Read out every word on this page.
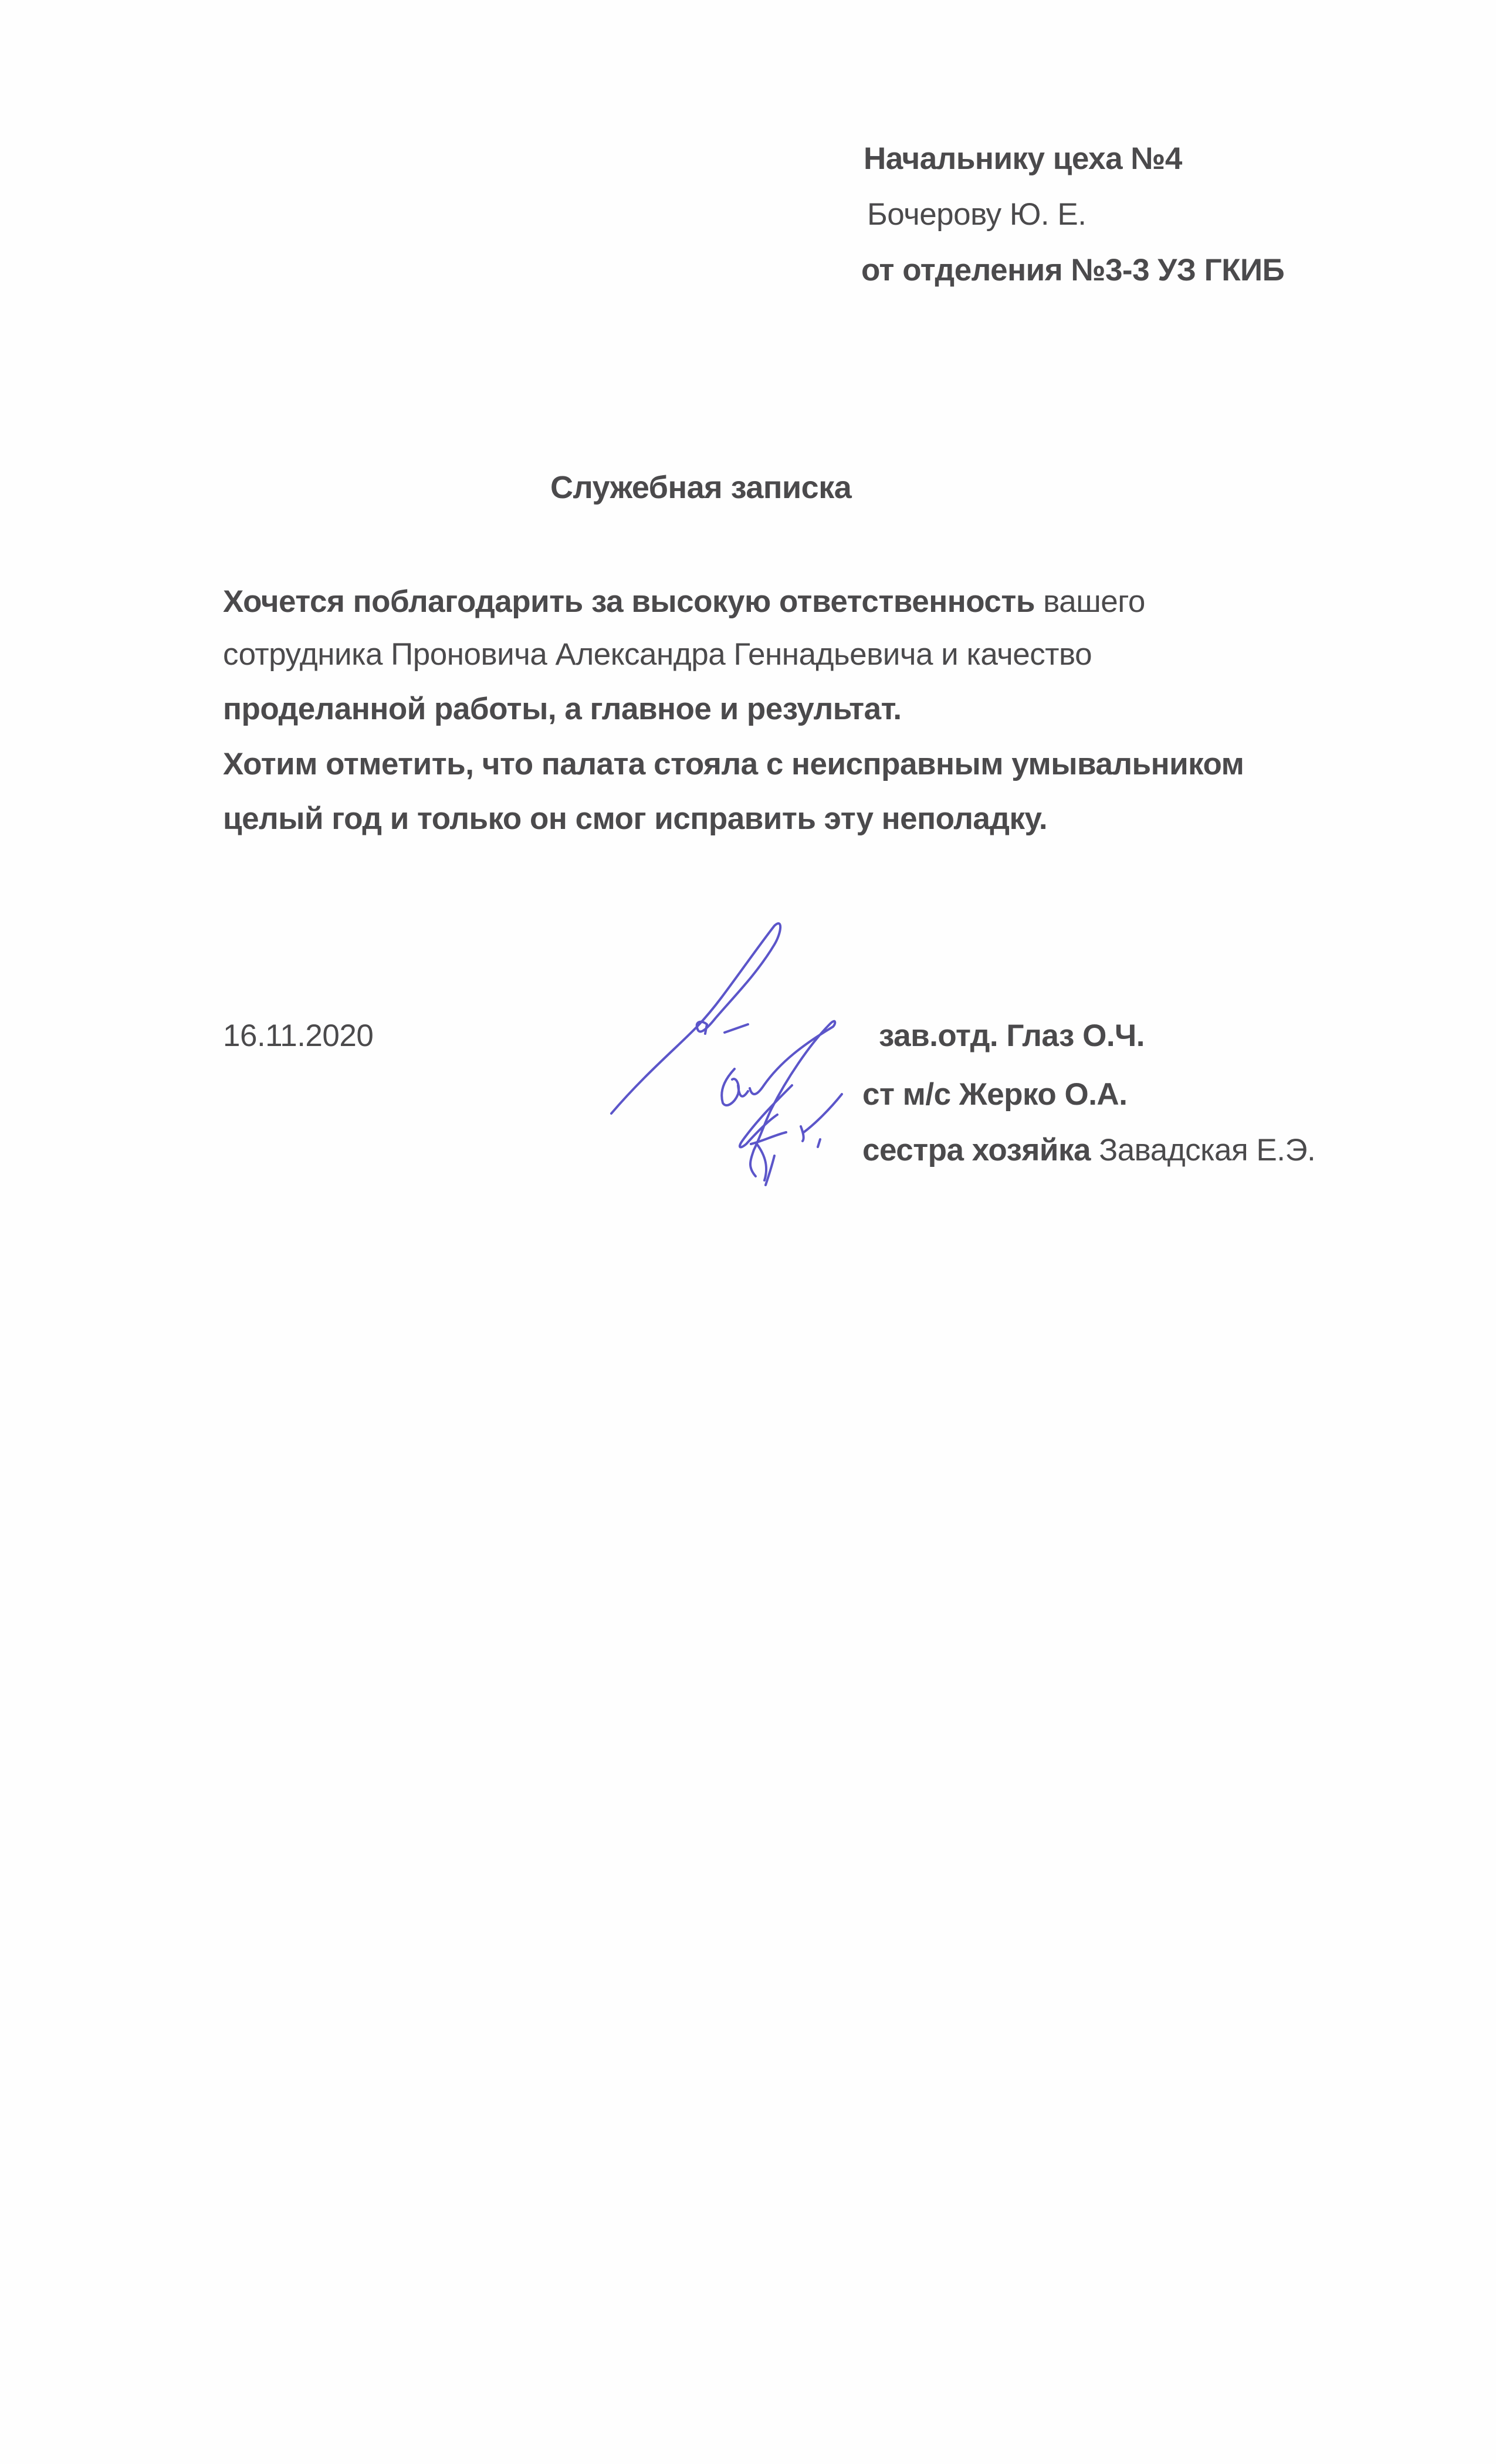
Начальнику цеха №4
Бочерову Ю. Е.
от отделения №3-3 УЗ ГКИБ
Служебная записка
Хочется поблагодарить за высокую ответственность вашего
сотрудника Проновича Александра Геннадьевича и качество
проделанной работы, а главное и результат.
Хотим отметить, что палата стояла с неисправным умывальником
целый год и только он смог исправить эту неполадку.
16.11.2020	зав.отд. Глаз О.Ч.
ст м/с Жерко О.А.
сестра хозяйка Завадская Е.Э.
